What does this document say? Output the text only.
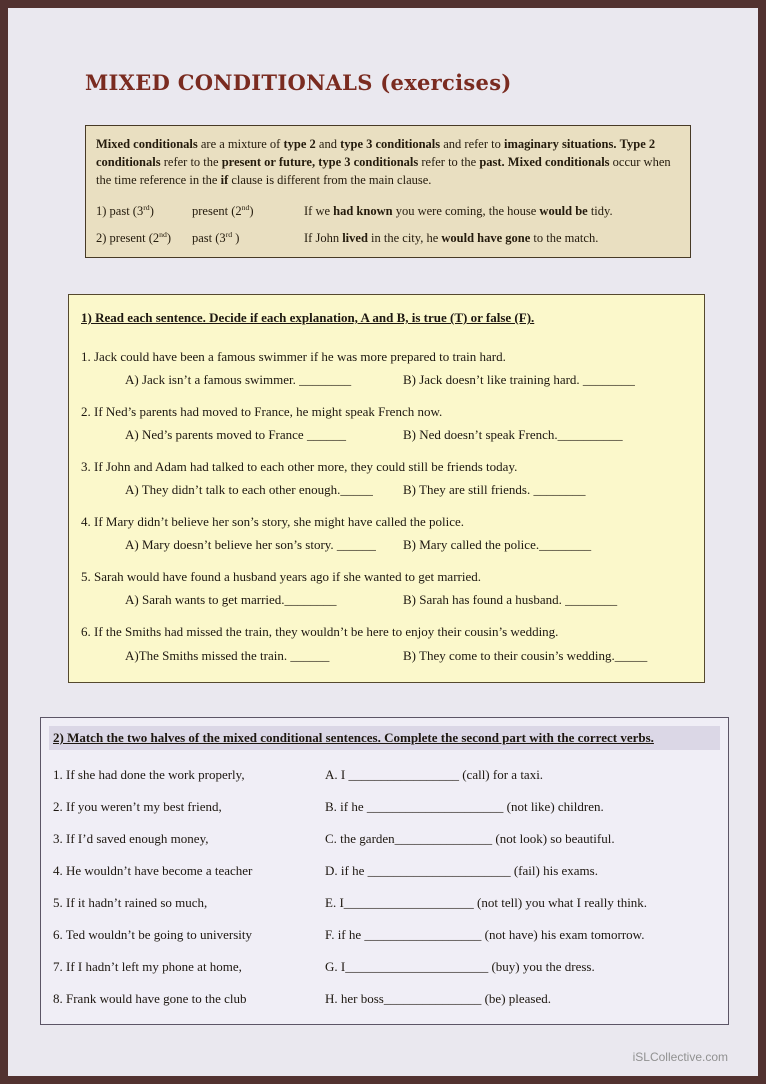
MIXED CONDITIONALS (exercises)

Mixed conditionals are a mixture of type 2 and type 3 conditionals and refer to imaginary situations. Type 2 conditionals refer to the present or future, type 3 conditionals refer to the past. Mixed conditionals occur when the time reference in the if clause is different from the main clause.

1) past (3rd)	present (2nd)	If we had known you were coming, the house would be tidy.
2) present (2nd)	past (3rd )	If John lived in the city, he would have gone to the match.
1) Read each sentence. Decide if each explanation, A and B, is true (T) or false (F).
1. Jack could have been a famous swimmer if he was more prepared to train hard.
A) Jack isn’t a famous swimmer. ________	B) Jack doesn’t like training hard. ________
2. If Ned’s parents had moved to France, he might speak French now.
A) Ned’s parents moved to France ______	B) Ned doesn’t speak French.__________
3. If John and Adam had talked to each other more, they could still be friends today.
A) They didn’t talk to each other enough._____	B) They are still friends. ________
4. If Mary didn’t believe her son’s story, she might have called the police.
A) Mary doesn’t believe her son’s story. ______	B) Mary called the police.________
5. Sarah would have found a husband years ago if she wanted to get married.
A) Sarah wants to get married.________	B) Sarah has found a husband. ________
6. If the Smiths had missed the train, they wouldn’t be here to enjoy their cousin’s wedding.
A)The Smiths missed the train. ______	B) They come to their cousin’s wedding._____
2) Match the two halves of the mixed conditional sentences. Complete the second part with the correct verbs.
1. If she had done the work properly,	A. I _________________ (call) for a taxi.
2. If you weren’t my best friend,	B. if he _____________________ (not like) children.
3. If I’d saved enough money,	C. the garden_______________ (not look) so beautiful.
4. He wouldn’t have become a teacher	D. if he ______________________ (fail) his exams.
5. If it hadn’t rained so much,	E. I____________________ (not tell) you what I really think.
6. Ted wouldn’t be going to university	F. if he __________________ (not have) his exam tomorrow.
7. If I hadn’t left my phone at home,	G. I______________________ (buy) you the dress.
8. Frank would have gone to the club	H. her boss_______________ (be) pleased.
iSLCollective.com
